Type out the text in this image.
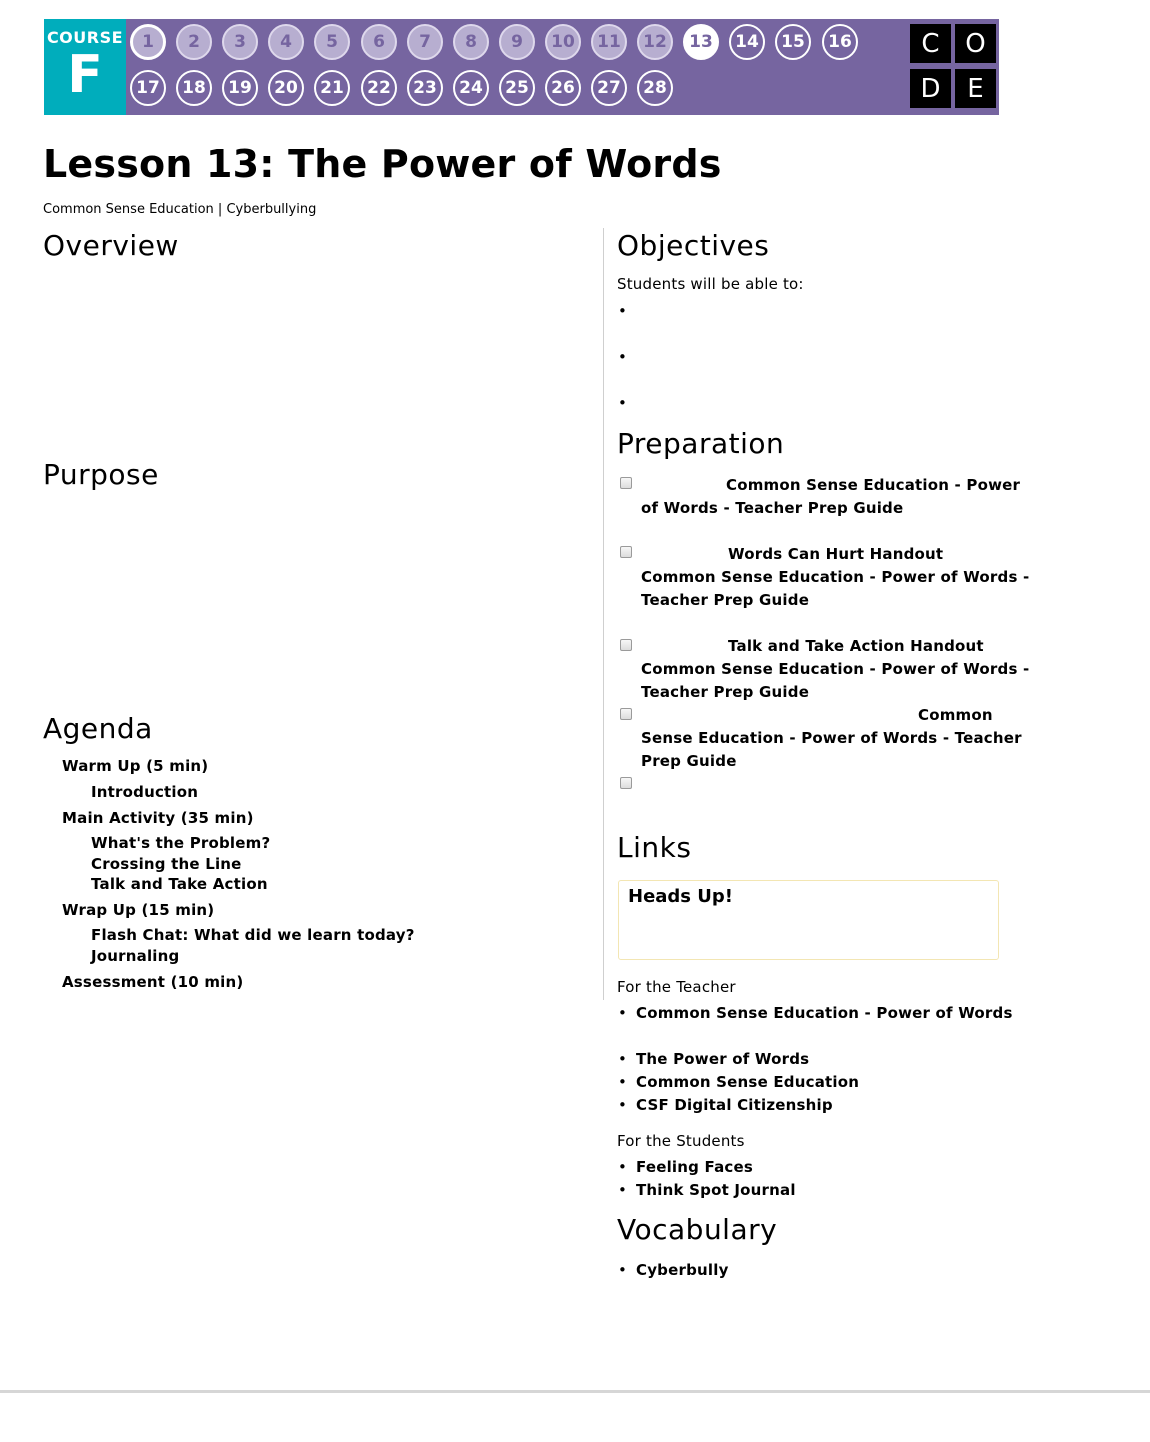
COURSE
F
1	2	3	4	5	6	7	8	9	10	11	12	13	14	15	16
17	18	19	20	21	22	23	24	25	26	27	28
C O
D	E
Lesson 13: The Power of Words
Common Sense Education | Cyberbullying
Overview
Purpose
Agenda
Warm Up (5 min)
Introduction
Main Activity (35 min)
What's the Problem?
Crossing the Line
Talk and Take Action
Wrap Up (15 min)
Flash Chat: What did we learn today?
Journaling
Assessment (10 min)
Objectives
Students will be able to:
•
•
•
Preparation
Common Sense Education - Power
of Words - Teacher Prep Guide
Words Can Hurt Handout
Common Sense Education - Power of Words -
Teacher Prep Guide
Talk and Take Action Handout
Common Sense Education - Power of Words -
Teacher Prep Guide
Common
Sense Education - Power of Words - Teacher
Prep Guide
Links
Heads Up!
For the Teacher
• Common Sense Education - Power of Words
• The Power of Words
• Common Sense Education
• CSF Digital Citizenship
For the Students
• Feeling Faces
• Think Spot Journal
Vocabulary
• Cyberbully
